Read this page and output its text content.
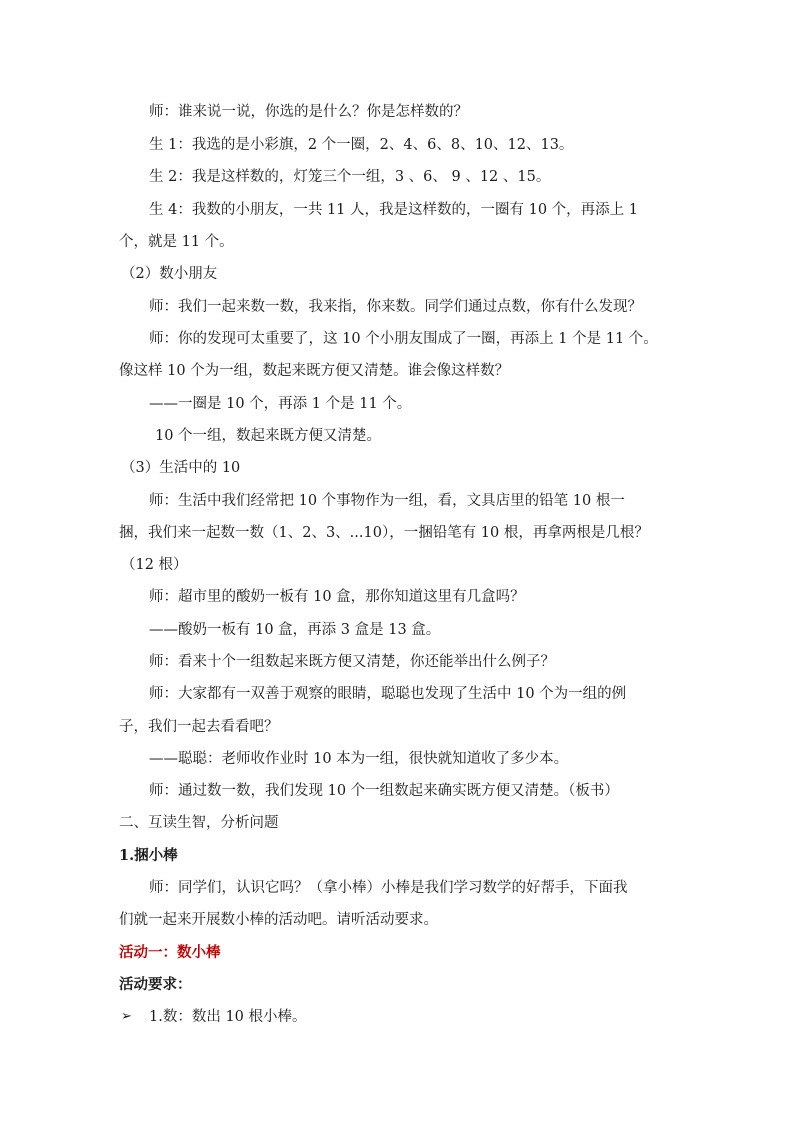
师：谁来说一说，你选的是什么？你是怎样数的？
生 1：我选的是小彩旗，2 个一圈，2、4、6、8、10、12、13。
生 2：我是这样数的，灯笼三个一组，3 、6、 9 、12 、15。
生 4：我数的小朋友，一共 11 人，我是这样数的，一圈有 10 个，再添上 1
个，就是 11 个。
（2）数小朋友
师：我们一起来数一数，我来指，你来数。同学们通过点数，你有什么发现？
师：你的发现可太重要了，这 10 个小朋友围成了一圈，再添上 1 个是 11 个。
像这样 10 个为一组，数起来既方便又清楚。谁会像这样数？
——一圈是 10 个，再添 1 个是 11 个。
10 个一组，数起来既方便又清楚。
（3）生活中的 10
师：生活中我们经常把 10 个事物作为一组，看，文具店里的铅笔 10 根一
捆，我们来一起数一数（1、2、3、...10），一捆铅笔有 10 根，再拿两根是几根？
（12 根）
师：超市里的酸奶一板有 10 盒，那你知道这里有几盒吗？
——酸奶一板有 10 盒，再添 3 盒是 13 盒。
师：看来十个一组数起来既方便又清楚，你还能举出什么例子？
师：大家都有一双善于观察的眼睛，聪聪也发现了生活中 10 个为一组的例
子，我们一起去看看吧？
——聪聪：老师收作业时 10 本为一组，很快就知道收了多少本。
师：通过数一数，我们发现 10 个一组数起来确实既方便又清楚。（板书）
二、互读生智，分析问题
1.捆小棒
师：同学们，认识它吗？（拿小棒）小棒是我们学习数学的好帮手，下面我
们就一起来开展数小棒的活动吧。请听活动要求。
活动一：数小棒
活动要求：
➢ 1.数：数出 10 根小棒。
